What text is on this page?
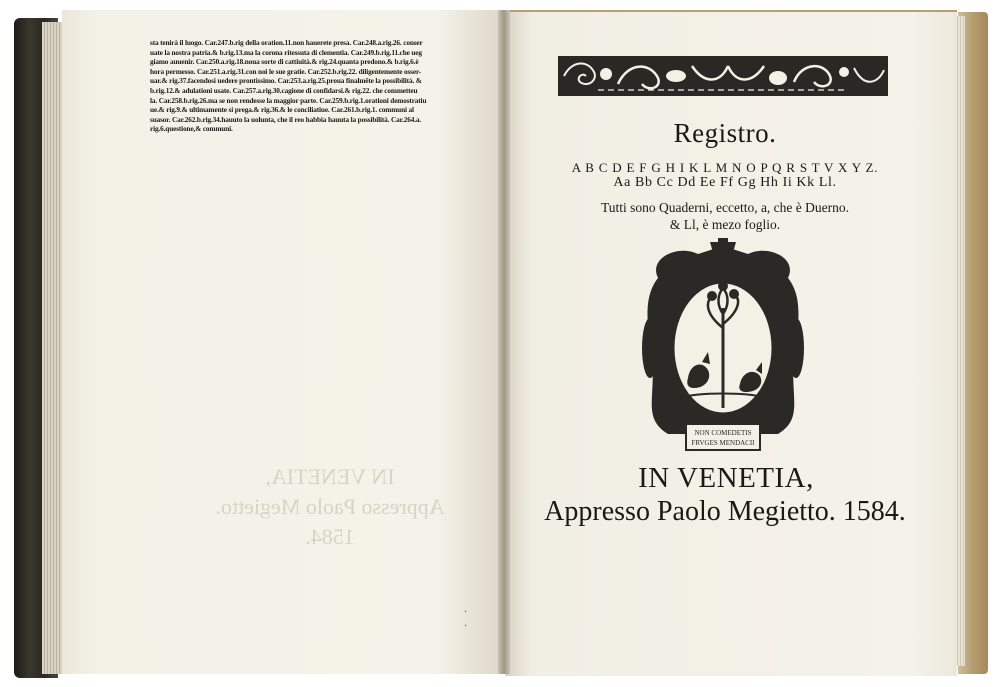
sta tenirà il luogo. Car.247.b.rig della oration.11.non hauerete presa. Car.248.a.rig.26. conser
uate la nostra patria.& b.rig.13.ma la corona ritessuta di clementia. Car.249.b.rig.11.che ueg
giamo auuenir. Car.250.a.rig.18.noua sorte di cattiuità.& rig.24.quanta predono.& b.rig.6.è
hora permesso. Car.251.a.rig.31.con noi le sue gratie. Car.252.b.rig.22. diligentemente osser-
uar.& rig.37.facendosi uedere prontissimo. Car.253.a.rig.25.proua finalmẽte la possibilità. &
b.rig.12.& adulationi usate. Car.257.a.rig.30.cagione di confidarsi.& rig.22. che commetteu
la. Car.258.b.rig.26.ma se non rendesse la maggior parte. Car.259.b.rig.1.orationi demostratiu
ue.& rig.9.& ultimamente si prega.& rig.36.& le conciliatiue. Car.261.b.rig.1. communi al
suasor. Car.262.b.rig.34.hauuto la uolunta, che il reo habbia hauuta la possibilità. Car.264.a.
rig.6.questione,& communi.
IN VENETIA,
Appresso Paolo Megietto. 1584.
·
·
Registro.
A B C D E F G H I K L M N O P Q R S T V X Y Z.
Aa Bb Cc Dd Ee Ff Gg Hh Ii Kk Ll.
Tutti sono Quaderni, eccetto, a, che è Duerno.
& Ll, è mezo foglio.
NON COMEDETIS
FRVGES MENDACII
IN VENETIA,
Appresso Paolo Megietto. 1584.
